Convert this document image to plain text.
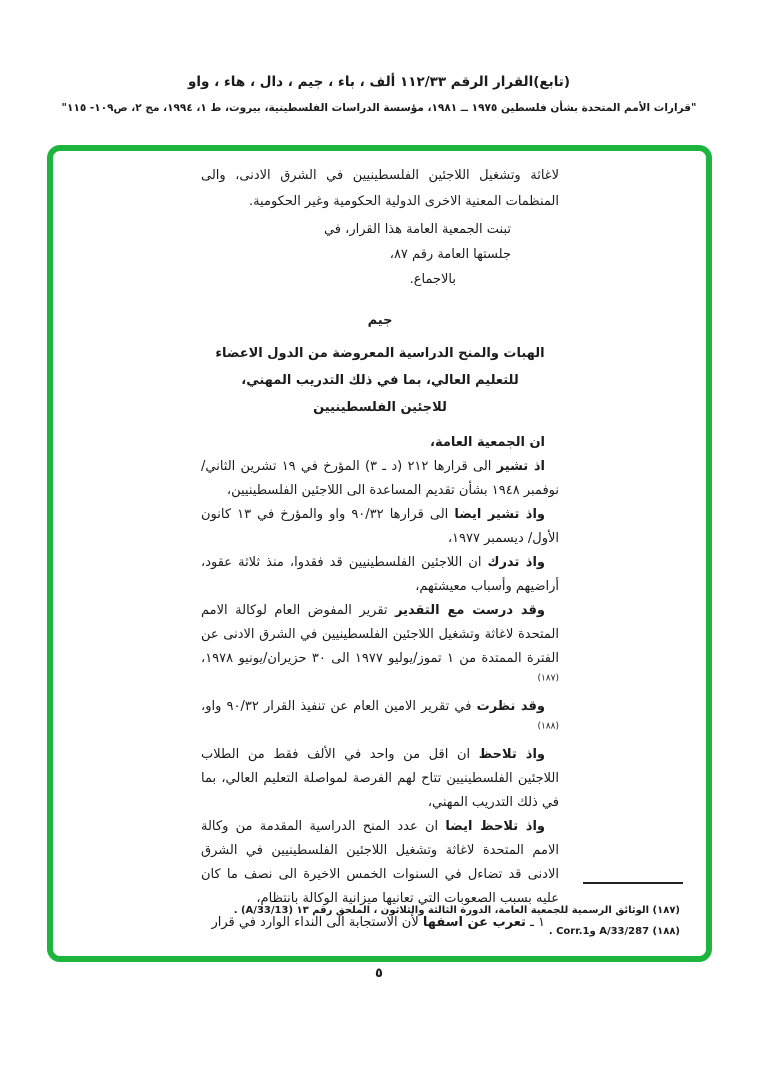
(تابع)القرار الرقم ١١٢/٣٣ ألف ، باء ، جيم ، دال ، هاء ، واو
"قرارات الأمم المتحدة بشأن فلسطين ١٩٧٥ ــ ١٩٨١، مؤسسة الدراسات الفلسطينية، بيروت، ط ١، ١٩٩٤، مج ٢، ص١٠٩- ١١٥"

لاغاثة وتشغيل اللاجئين الفلسطينيين في الشرق الادنى، والى المنظمات المعنية الاخرى الدولية الحكومية وغير الحكومية.

تبنت الجمعية العامة هذا القرار، في
جلستها العامة رقم ٨٧،
بالاجماع.
جيم
الهبات والمنح الدراسية المعروضة من الدول الاعضاء
للتعليم العالي، بما في ذلك التدريب المهني،
للاجئين الفلسطينيين
ان الجمعية العامة،

اذ تشير الى قرارها ٢١٢ (د ـ ٣) المؤرخ في ١٩ تشرين الثاني/ نوفمبر ١٩٤٨ بشأن تقديم المساعدة الى اللاجئين الفلسطينيين،

واذ تشير ايضا الى قرارها ٩٠/٣٢ واو والمؤرخ في ١٣ كانون الأول/ ديسمبر ١٩٧٧،

واذ تدرك ان اللاجئين الفلسطينيين قد فقدوا، منذ ثلاثة عقود، أراضيهم وأسباب معيشتهم،

وقد درست مع التقدير تقرير المفوض العام لوكالة الامم المتحدة لاغاثة وتشغيل اللاجئين الفلسطينيين في الشرق الادنى عن الفترة الممتدة من ١ تموز/يوليو ١٩٧٧ الى ٣٠ حزيران/يونيو ١٩٧٨،$^{(١٨٧)}$

وقد نظرت في تقرير الامين العام عن تنفيذ القرار ٩٠/٣٢ واو،$^{(١٨٨)}$

واذ تلاحظ ان اقل من واحد في الألف فقط من الطلاب اللاجئين الفلسطينيين تتاح لهم الفرصة لمواصلة التعليم العالي، بما في ذلك التدريب المهني،

واذ تلاحظ ايضا ان عدد المنح الدراسية المقدمة من وكالة الامم المتحدة لاغاثة وتشغيل اللاجئين الفلسطينيين في الشرق الادنى قد تضاءل في السنوات الخمس الاخيرة الى نصف ما كان عليه بسبب الصعوبات التي تعانيها ميزانية الوكالة بانتظام،

١ ـ تعرب عن اسفها لأن الاستجابة الى النداء الوارد في قرار

(١٨٧) الوثائق الرسمية للجمعية العامة، الدورة الثالثة والثلاثون ، الملحق رقم ١٣ (A/33/13) .
(١٨٨) A/33/287 وCorr.1 .
٥
